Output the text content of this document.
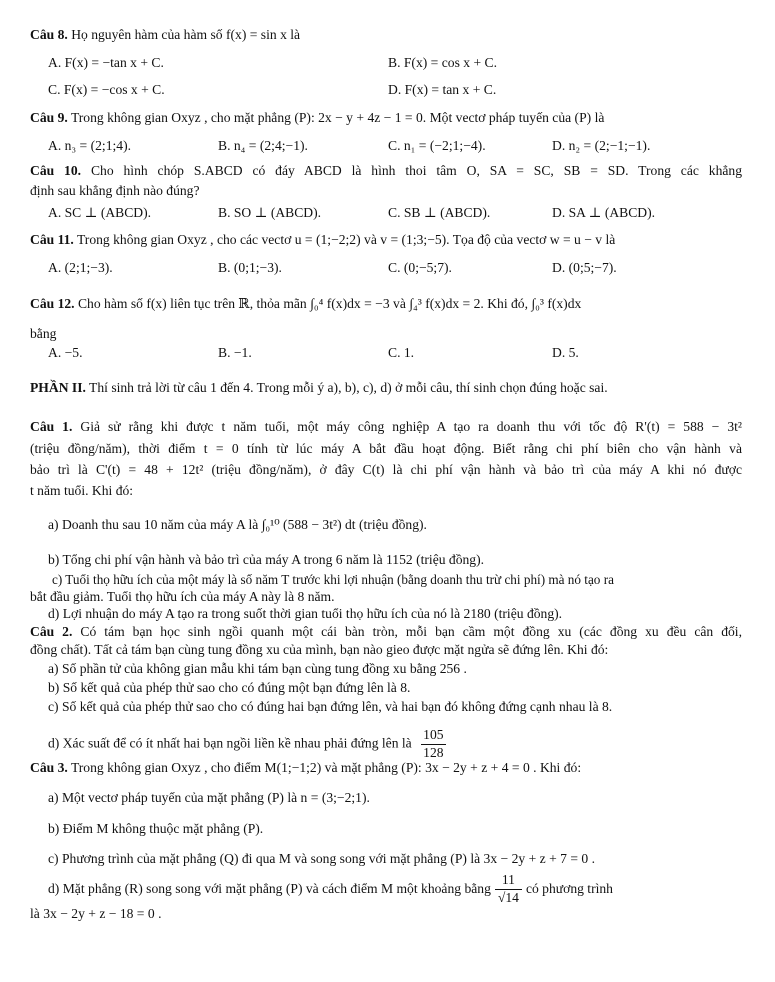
Câu 8. Họ nguyên hàm của hàm số f(x) = sin x là
A. F(x) = −tan x + C.	B. F(x) = cos x + C.
C. F(x) = −cos x + C.	D. F(x) = tan x + C.
Câu 9. Trong không gian Oxyz , cho mặt phẳng (P): 2x − y + 4z − 1 = 0. Một vectơ pháp tuyến của (P) là
A. n₃ = (2;1;4).	B. n₄ = (2;4;−1).	C. n₁ = (−2;1;−4).	D. n₂ = (2;−1;−1).
Câu 10. Cho hình chóp S.ABCD có đáy ABCD là hình thoi tâm O, SA = SC, SB = SD. Trong các khẳng
định sau khẳng định nào đúng?
A. SC ⊥ (ABCD).	B. SO ⊥ (ABCD).	C. SB ⊥ (ABCD).	D. SA ⊥ (ABCD).
Câu 11. Trong không gian Oxyz , cho các vectơ u = (1;−2;2) và v = (1;3;−5). Tọa độ của vectơ w = u − v là
A. (2;1;−3).	B. (0;1;−3).	C. (0;−5;7).	D. (0;5;−7).
Câu 12. Cho hàm số f(x) liên tục trên ℝ, thỏa mãn ∫₀⁴ f(x)dx = −3 và ∫₄³ f(x)dx = 2. Khi đó, ∫₀³ f(x)dx
bằng
A. −5.	B. −1.	C. 1.	D. 5.
PHẦN II. Thí sinh trả lời từ câu 1 đến 4. Trong mỗi ý a), b), c), d) ở mỗi câu, thí sinh chọn đúng hoặc sai.
Câu 1. Giả sử rằng khi được t năm tuổi, một máy công nghiệp A tạo ra doanh thu với tốc độ R'(t) = 588 − 3t²
(triệu đồng/năm), thời điểm t = 0 tính từ lúc máy A bắt đầu hoạt động. Biết rằng chi phí biên cho vận hành và
bảo trì là C'(t) = 48 + 12t² (triệu đồng/năm), ở đây C(t) là chi phí vận hành và bảo trì của máy A khi nó được
t năm tuổi. Khi đó:
a) Doanh thu sau 10 năm của máy A là ∫₀¹⁰ (588 − 3t²) dt (triệu đồng).
b) Tổng chi phí vận hành và bảo trì của máy A trong 6 năm là 1152 (triệu đồng).
c) Tuổi thọ hữu ích của một máy là số năm T trước khi lợi nhuận (bằng doanh thu trừ chi phí) mà nó tạo ra
bắt đầu giảm. Tuổi thọ hữu ích của máy A này là 8 năm.
d) Lợi nhuận do máy A tạo ra trong suốt thời gian tuổi thọ hữu ích của nó là 2180 (triệu đồng).
Câu 2. Có tám bạn học sinh ngồi quanh một cái bàn tròn, mỗi bạn cầm một đồng xu (các đồng xu đều cân đối,
đồng chất). Tất cả tám bạn cùng tung đồng xu của mình, bạn nào gieo được mặt ngửa sẽ đứng lên. Khi đó:
a) Số phần tử của không gian mẫu khi tám bạn cùng tung đồng xu bằng 256 .
b) Số kết quả của phép thử sao cho có đúng một bạn đứng lên là 8.
c) Số kết quả của phép thử sao cho có đúng hai bạn đứng lên, và hai bạn đó không đứng cạnh nhau là 8.
d) Xác suất để có ít nhất hai bạn ngồi liền kề nhau phải đứng lên là $\frac{105}{128}$
Câu 3. Trong không gian Oxyz , cho điểm M(1;−1;2) và mặt phẳng (P): 3x − 2y + z + 4 = 0 . Khi đó:
a) Một vectơ pháp tuyến của mặt phẳng (P) là n = (3;−2;1).
b) Điểm M không thuộc mặt phẳng (P).
c) Phương trình của mặt phẳng (Q) đi qua M và song song với mặt phẳng (P) là 3x − 2y + z + 7 = 0 .
d) Mặt phẳng (R) song song với mặt phẳng (P) và cách điểm M một khoảng bằng $\frac{11}{√14}$ có phương trình
là 3x − 2y + z − 18 = 0 .
